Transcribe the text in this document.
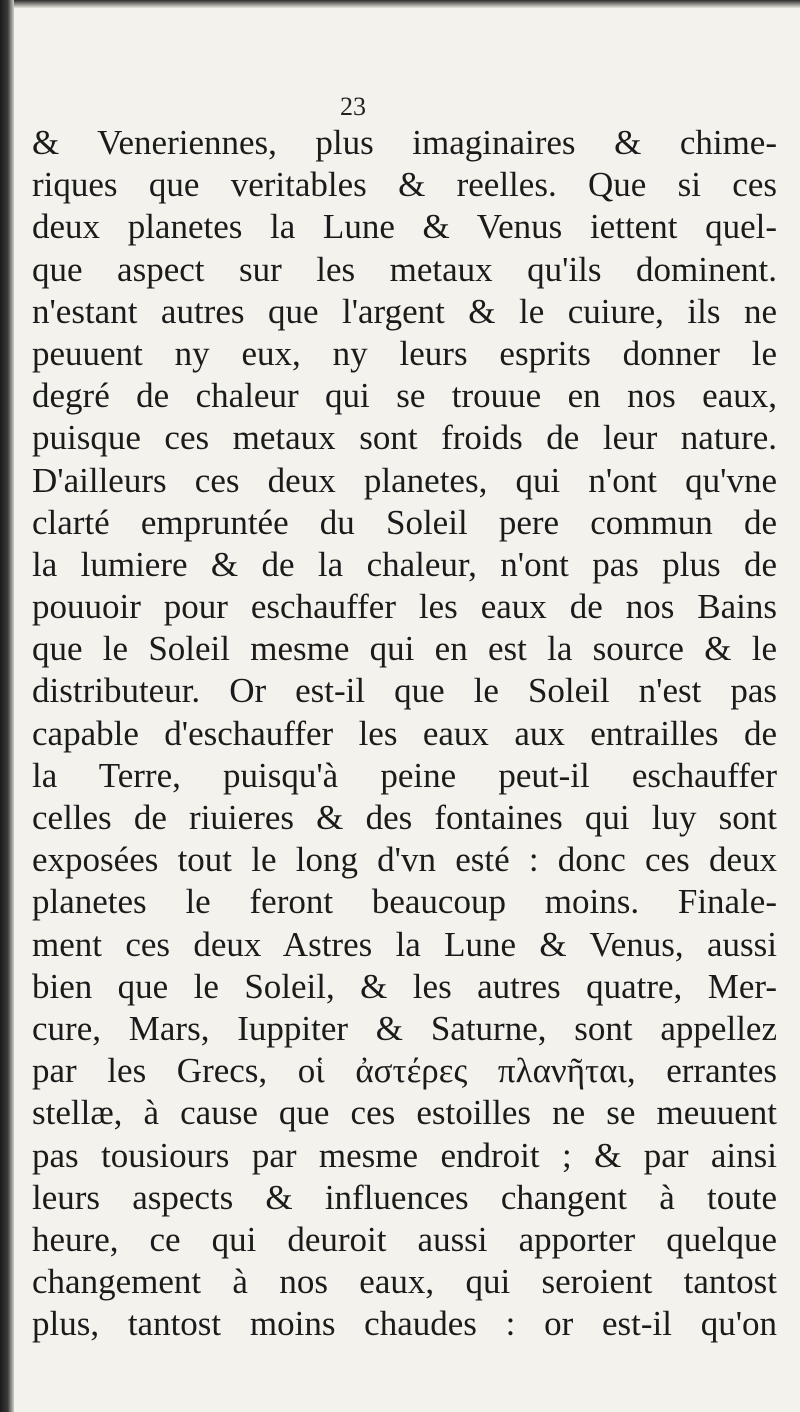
23
& Veneriennes, plus imaginaires & chime-
riques que veritables & reelles. Que si ces
deux planetes la Lune & Venus iettent quel-
que aspect sur les metaux qu'ils dominent.
n'estant autres que l'argent & le cuiure, ils ne
peuuent ny eux, ny leurs esprits donner le
degré de chaleur qui se trouue en nos eaux,
puisque ces metaux sont froids de leur nature.
D'ailleurs ces deux planetes, qui n'ont qu'vne
clarté empruntée du Soleil pere commun de
la lumiere & de la chaleur, n'ont pas plus de
pouuoir pour eschauffer les eaux de nos Bains
que le Soleil mesme qui en est la source & le
distributeur. Or est-il que le Soleil n'est pas
capable d'eschauffer les eaux aux entrailles de
la Terre, puisqu'à peine peut-il eschauffer
celles de riuieres & des fontaines qui luy sont
exposées tout le long d'vn esté : donc ces deux
planetes le feront beaucoup moins. Finale-
ment ces deux Astres la Lune & Venus, aussi
bien que le Soleil, & les autres quatre, Mer-
cure, Mars, Iuppiter & Saturne, sont appellez
par les Grecs, οἱ ἀστέρες πλανῆται, errantes
stellæ, à cause que ces estoilles ne se meuuent
pas tousiours par mesme endroit ; & par ainsi
leurs aspects & influences changent à toute
heure, ce qui deuroit aussi apporter quelque
changement à nos eaux, qui seroient tantost
plus, tantost moins chaudes : or est-il qu'on
